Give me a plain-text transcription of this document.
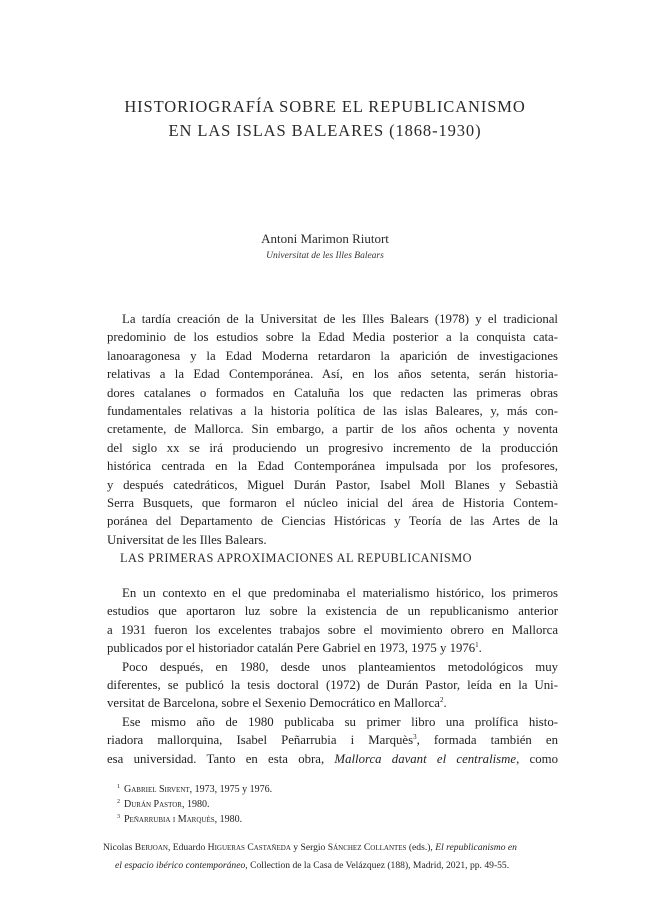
HISTORIOGRAFÍA SOBRE EL REPUBLICANISMO
EN LAS ISLAS BALEARES (1868-1930)
Antoni Marimon Riutort
Universitat de les Illes Balears
La tardía creación de la Universitat de les Illes Balears (1978) y el tradicional
predominio de los estudios sobre la Edad Media posterior a la conquista cata-
lanoaragonesa y la Edad Moderna retardaron la aparición de investigaciones
relativas a la Edad Contemporánea. Así, en los años setenta, serán historia-
dores catalanes o formados en Cataluña los que redacten las primeras obras
fundamentales relativas a la historia política de las islas Baleares, y, más con-
cretamente, de Mallorca. Sin embargo, a partir de los años ochenta y noventa
del siglo xx se irá produciendo un progresivo incremento de la producción
histórica centrada en la Edad Contemporánea impulsada por los profesores,
y después catedráticos, Miguel Durán Pastor, Isabel Moll Blanes y Sebastià
Serra Busquets, que formaron el núcleo inicial del área de Historia Contem-
poránea del Departamento de Ciencias Históricas y Teoría de las Artes de la
Universitat de les Illes Balears.
LAS PRIMERAS APROXIMACIONES AL REPUBLICANISMO
En un contexto en el que predominaba el materialismo histórico, los primeros
estudios que aportaron luz sobre la existencia de un republicanismo anterior
a 1931 fueron los excelentes trabajos sobre el movimiento obrero en Mallorca
publicados por el historiador catalán Pere Gabriel en 1973, 1975 y 1976$^1$.
Poco después, en 1980, desde unos planteamientos metodológicos muy
diferentes, se publicó la tesis doctoral (1972) de Durán Pastor, leída en la Uni-
versitat de Barcelona, sobre el Sexenio Democrático en Mallorca$^2$.
Ese mismo año de 1980 publicaba su primer libro una prolífica histo-
riadora mallorquina, Isabel Peñarrubia i Marquès$^3$, formada también en
esa universidad. Tanto en esta obra, Mallorca davant el centralisme, como
$^1$ Gabriel Sirvent, 1973, 1975 y 1976.
$^2$ Durán Pastor, 1980.
$^3$ Peñarrubia i Marquès, 1980.
Nicolas Berjoan, Eduardo Higueras Castañeda y Sergio Sánchez Collantes (eds.), El republicanismo en
el espacio ibérico contemporáneo, Collection de la Casa de Velázquez (188), Madrid, 2021, pp. 49-55.
